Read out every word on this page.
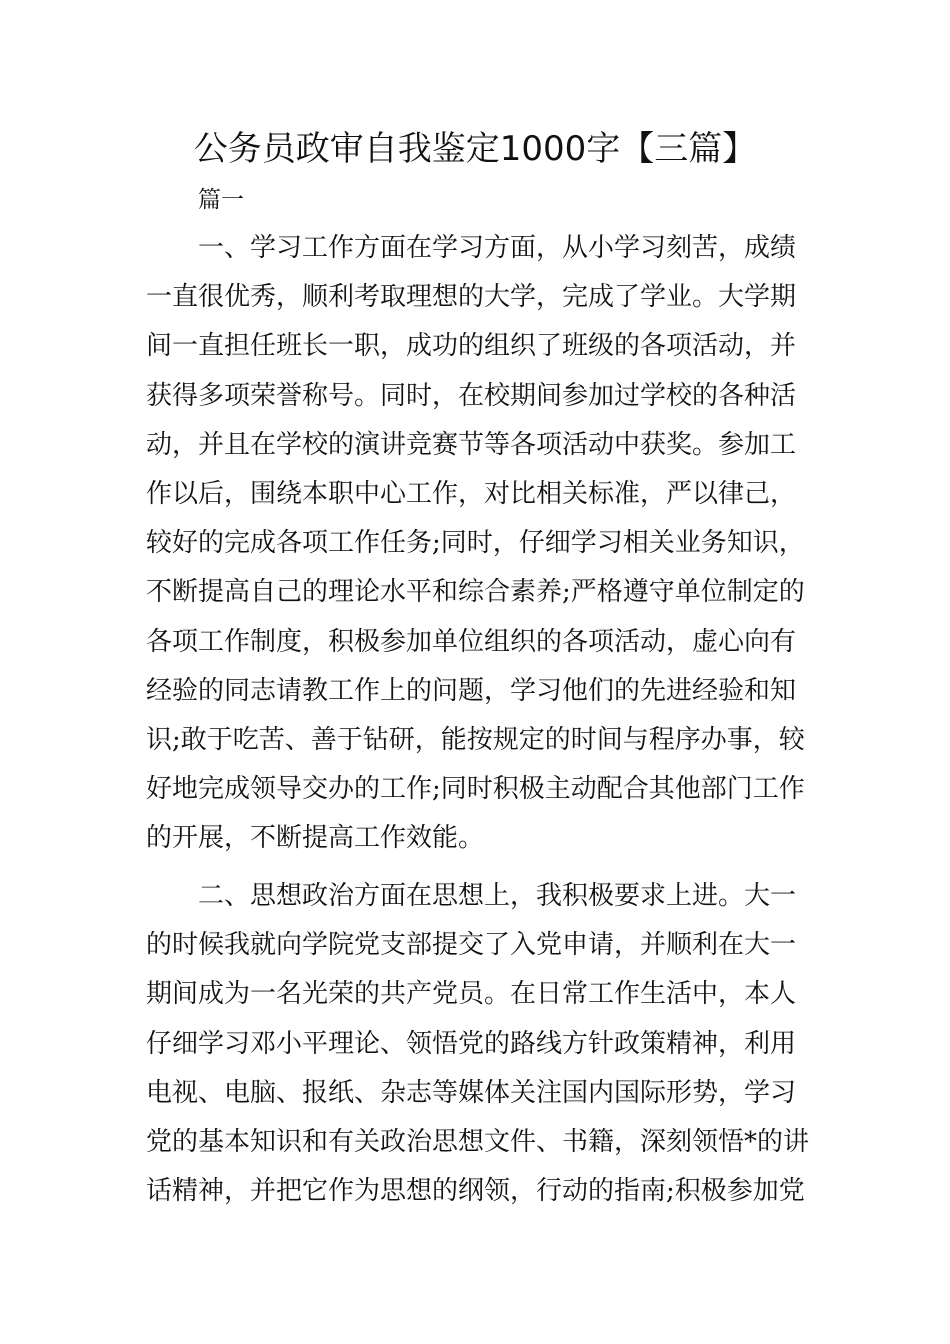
公务员政审自我鉴定1000字【三篇】
篇一
一、学习工作方面在学习方面，从小学习刻苦，成绩
一直很优秀，顺利考取理想的大学，完成了学业。大学期
间一直担任班长一职，成功的组织了班级的各项活动，并
获得多项荣誉称号。同时，在校期间参加过学校的各种活
动，并且在学校的演讲竞赛节等各项活动中获奖。参加工
作以后，围绕本职中心工作，对比相关标准，严以律己，
较好的完成各项工作任务;同时，仔细学习相关业务知识，
不断提高自己的理论水平和综合素养;严格遵守单位制定的
各项工作制度，积极参加单位组织的各项活动，虚心向有
经验的同志请教工作上的问题，学习他们的先进经验和知
识;敢于吃苦、善于钻研，能按规定的时间与程序办事，较
好地完成领导交办的工作;同时积极主动配合其他部门工作
的开展，不断提高工作效能。
二、思想政治方面在思想上，我积极要求上进。大一
的时候我就向学院党支部提交了入党申请，并顺利在大一
期间成为一名光荣的共产党员。在日常工作生活中，本人
仔细学习邓小平理论、领悟党的路线方针政策精神，利用
电视、电脑、报纸、杂志等媒体关注国内国际形势，学习
党的基本知识和有关政治思想文件、书籍，深刻领悟*的讲
话精神，并把它作为思想的纲领，行动的指南;积极参加党
